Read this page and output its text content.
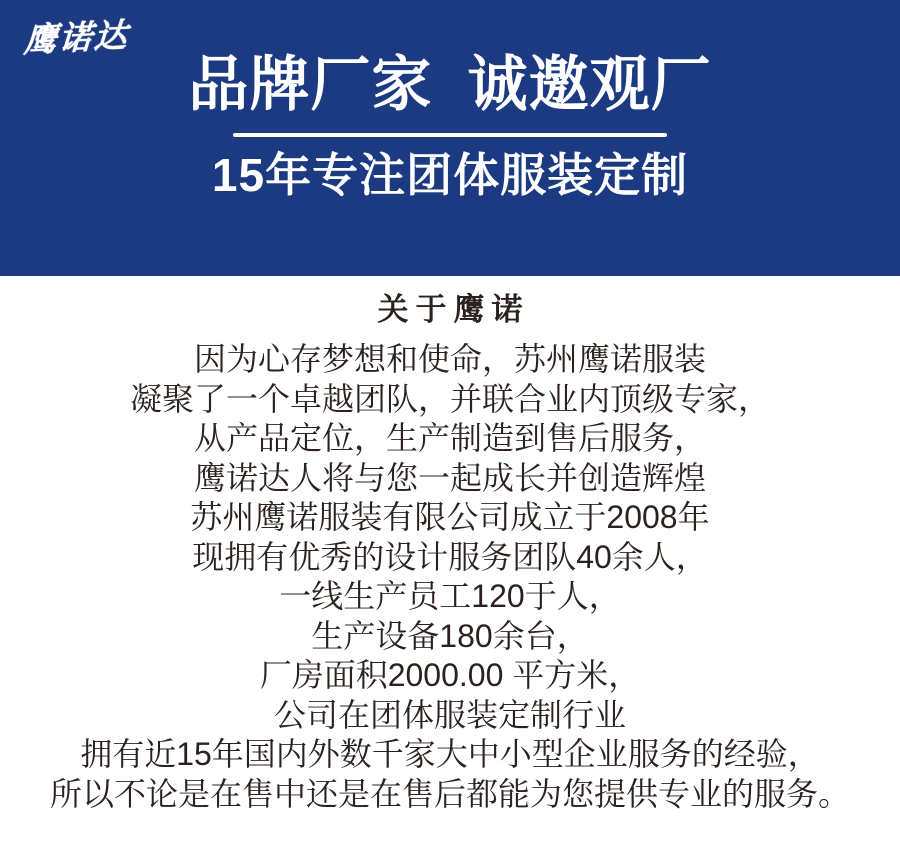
鹰诺达
品牌厂家  诚邀观厂
15年专注团体服装定制
关于鹰诺

因为心存梦想和使命，苏州鹰诺服装

凝聚了一个卓越团队，并联合业内顶级专家，

从产品定位，生产制造到售后服务，

鹰诺达人将与您一起成长并创造辉煌

苏州鹰诺服装有限公司成立于2008年

现拥有优秀的设计服务团队40余人，

一线生产员工120于人，

生产设备180余台，

厂房面积2000.00 平方米，

公司在团体服装定制行业

拥有近15年国内外数千家大中小型企业服务的经验，

所以不论是在售中还是在售后都能为您提供专业的服务。
